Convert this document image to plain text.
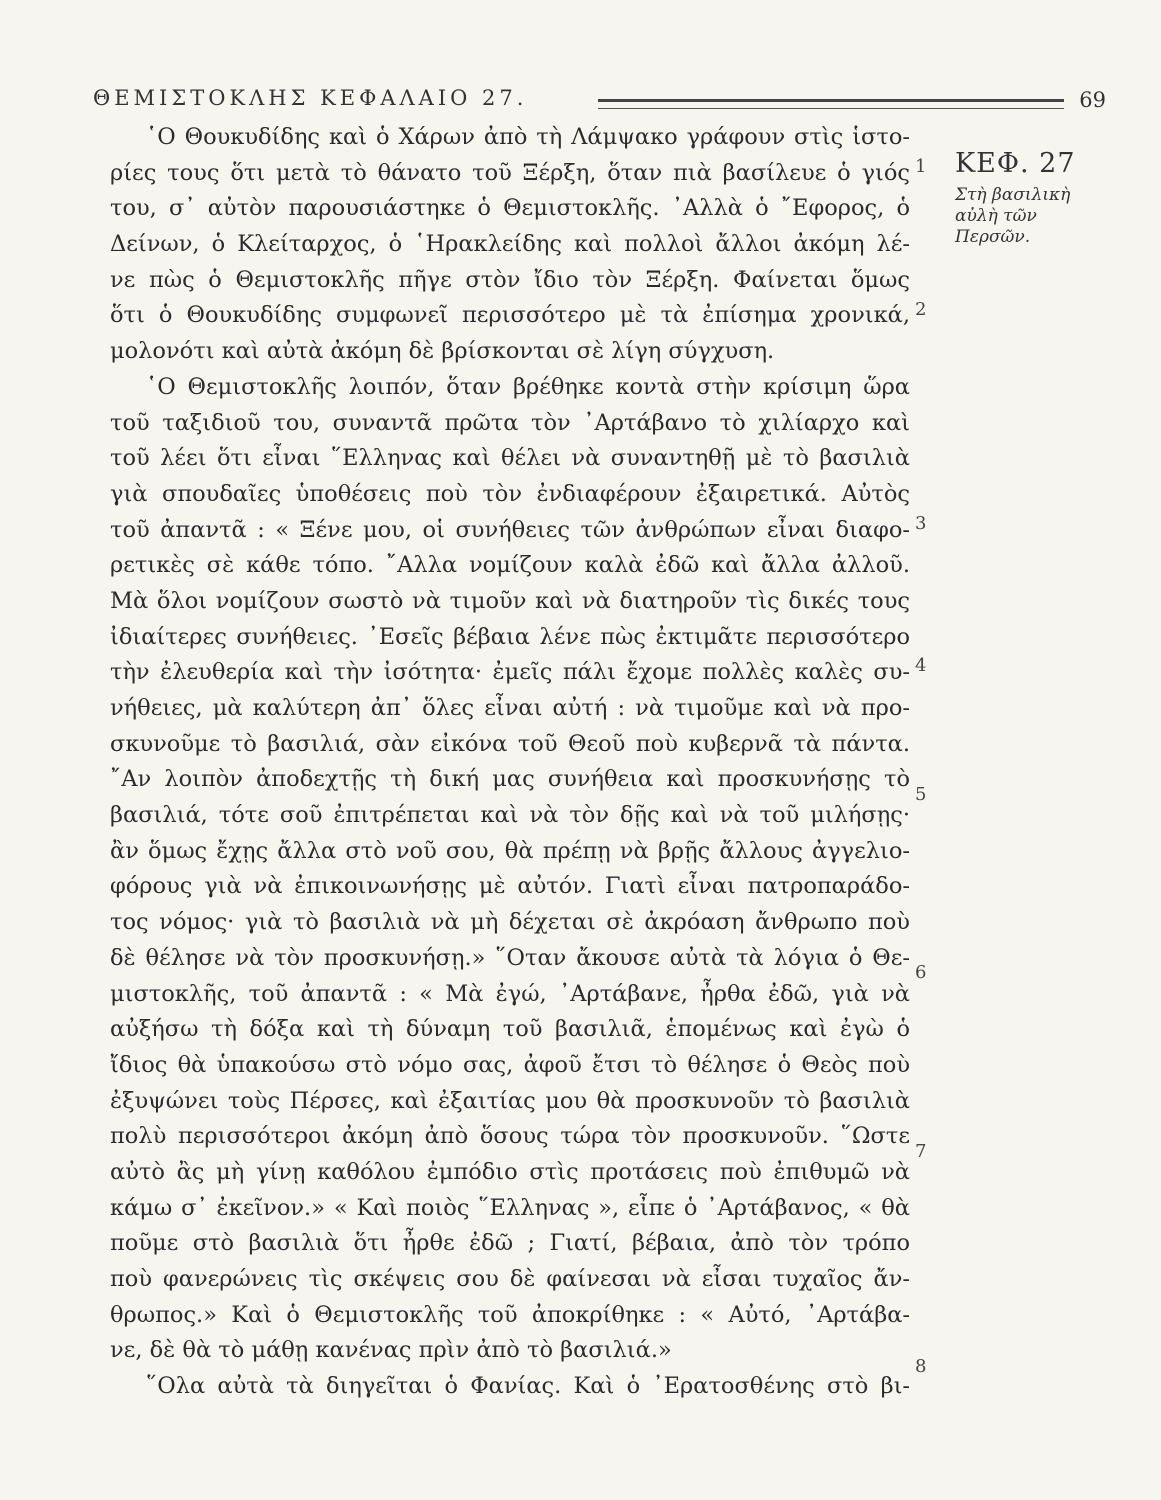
ΘΕΜΙΣΤΟΚΛΗΣ ΚΕΦΑΛΑΙΟ 27.	69
῾Ο Θουκυδίδης καὶ ὁ Χάρων ἀπὸ τὴ Λάμψακο γράφουν στὶς ἱστο-
ρίες τους ὅτι μετὰ τὸ θάνατο τοῦ Ξέρξη, ὅταν πιὰ βασίλευε ὁ γιός
του, σ᾽ αὐτὸν παρουσιάστηκε ὁ Θεμιστοκλῆς. ᾽Αλλὰ ὁ ῎Εφορος, ὁ
Δείνων, ὁ Κλείταρχος, ὁ ῾Ηρακλείδης καὶ πολλοὶ ἄλλοι ἀκόμη λέ-
νε πὼς ὁ Θεμιστοκλῆς πῆγε στὸν ἴδιο τὸν Ξέρξη. Φαίνεται ὅμως
ὅτι ὁ Θουκυδίδης συμφωνεῖ περισσότερο μὲ τὰ ἐπίσημα χρονικά,
μολονότι καὶ αὐτὰ ἀκόμη δὲ βρίσκονται σὲ λίγη σύγχυση.
῾Ο Θεμιστοκλῆς λοιπόν, ὅταν βρέθηκε κοντὰ στὴν κρίσιμη ὥρα
τοῦ ταξιδιοῦ του, συναντᾶ πρῶτα τὸν ᾽Αρτάβανο τὸ χιλίαρχο καὶ
τοῦ λέει ὅτι εἶναι ῞Ελληνας καὶ θέλει νὰ συναντηθῇ μὲ τὸ βασιλιὰ
γιὰ σπουδαῖες ὑποθέσεις ποὺ τὸν ἐνδιαφέρουν ἐξαιρετικά. Αὐτὸς
τοῦ ἀπαντᾶ : « Ξένε μου, οἱ συνήθειες τῶν ἀνθρώπων εἶναι διαφο-
ρετικὲς σὲ κάθε τόπο. ῎Αλλα νομίζουν καλὰ ἐδῶ καὶ ἄλλα ἀλλοῦ.
Μὰ ὅλοι νομίζουν σωστὸ νὰ τιμοῦν καὶ νὰ διατηροῦν τὶς δικές τους
ἰδιαίτερες συνήθειες. ᾽Εσεῖς βέβαια λένε πὼς ἐκτιμᾶτε περισσότερο
τὴν ἐλευθερία καὶ τὴν ἰσότητα· ἐμεῖς πάλι ἔχομε πολλὲς καλὲς συ-
νήθειες, μὰ καλύτερη ἀπ᾽ ὅλες εἶναι αὐτή : νὰ τιμοῦμε καὶ νὰ προ-
σκυνοῦμε τὸ βασιλιά, σὰν εἰκόνα τοῦ Θεοῦ ποὺ κυβερνᾶ τὰ πάντα.
῎Αν λοιπὸν ἀποδεχτῇς τὴ δική μας συνήθεια καὶ προσκυνήσῃς τὸ
βασιλιά, τότε σοῦ ἐπιτρέπεται καὶ νὰ τὸν δῇς καὶ νὰ τοῦ μιλήσῃς·
ἂν ὅμως ἔχῃς ἄλλα στὸ νοῦ σου, θὰ πρέπῃ νὰ βρῇς ἄλλους ἀγγελιο-
φόρους γιὰ νὰ ἐπικοινωνήσῃς μὲ αὐτόν. Γιατὶ εἶναι πατροπαράδο-
τος νόμος· γιὰ τὸ βασιλιὰ νὰ μὴ δέχεται σὲ ἀκρόαση ἄνθρωπο ποὺ
δὲ θέλησε νὰ τὸν προσκυνήσῃ.» ῞Οταν ἄκουσε αὐτὰ τὰ λόγια ὁ Θε-
μιστοκλῆς, τοῦ ἀπαντᾶ : « Μὰ ἐγώ, ᾽Αρτάβανε, ἦρθα ἐδῶ, γιὰ νὰ
αὐξήσω τὴ δόξα καὶ τὴ δύναμη τοῦ βασιλιᾶ, ἑπομένως καὶ ἐγὼ ὁ
ἴδιος θὰ ὑπακούσω στὸ νόμο σας, ἀφοῦ ἔτσι τὸ θέλησε ὁ Θεὸς ποὺ
ἐξυψώνει τοὺς Πέρσες, καὶ ἐξαιτίας μου θὰ προσκυνοῦν τὸ βασιλιὰ
πολὺ περισσότεροι ἀκόμη ἀπὸ ὅσους τώρα τὸν προσκυνοῦν. ῞Ωστε
αὐτὸ ἂς μὴ γίνῃ καθόλου ἐμπόδιο στὶς προτάσεις ποὺ ἐπιθυμῶ νὰ
κάμω σ᾽ ἐκεῖνον.» « Καὶ ποιὸς ῞Ελληνας », εἶπε ὁ ᾽Αρτάβανος, « θὰ
ποῦμε στὸ βασιλιὰ ὅτι ἦρθε ἐδῶ ; Γιατί, βέβαια, ἀπὸ τὸν τρόπο
ποὺ φανερώνεις τὶς σκέψεις σου δὲ φαίνεσαι νὰ εἶσαι τυχαῖος ἄν-
θρωπος.» Καὶ ὁ Θεμιστοκλῆς τοῦ ἀποκρίθηκε : « Αὐτό, ᾽Αρτάβα-
νε, δὲ θὰ τὸ μάθῃ κανένας πρὶν ἀπὸ τὸ βασιλιά.»
῞Ολα αὐτὰ τὰ διηγεῖται ὁ Φανίας. Καὶ ὁ ᾽Ερατοσθένης στὸ βι-
1
2
3
4
5
6
7
8
ΚΕΦ. 27
Στὴ βασιλικὴ αὐλὴ τῶν Περσῶν.
